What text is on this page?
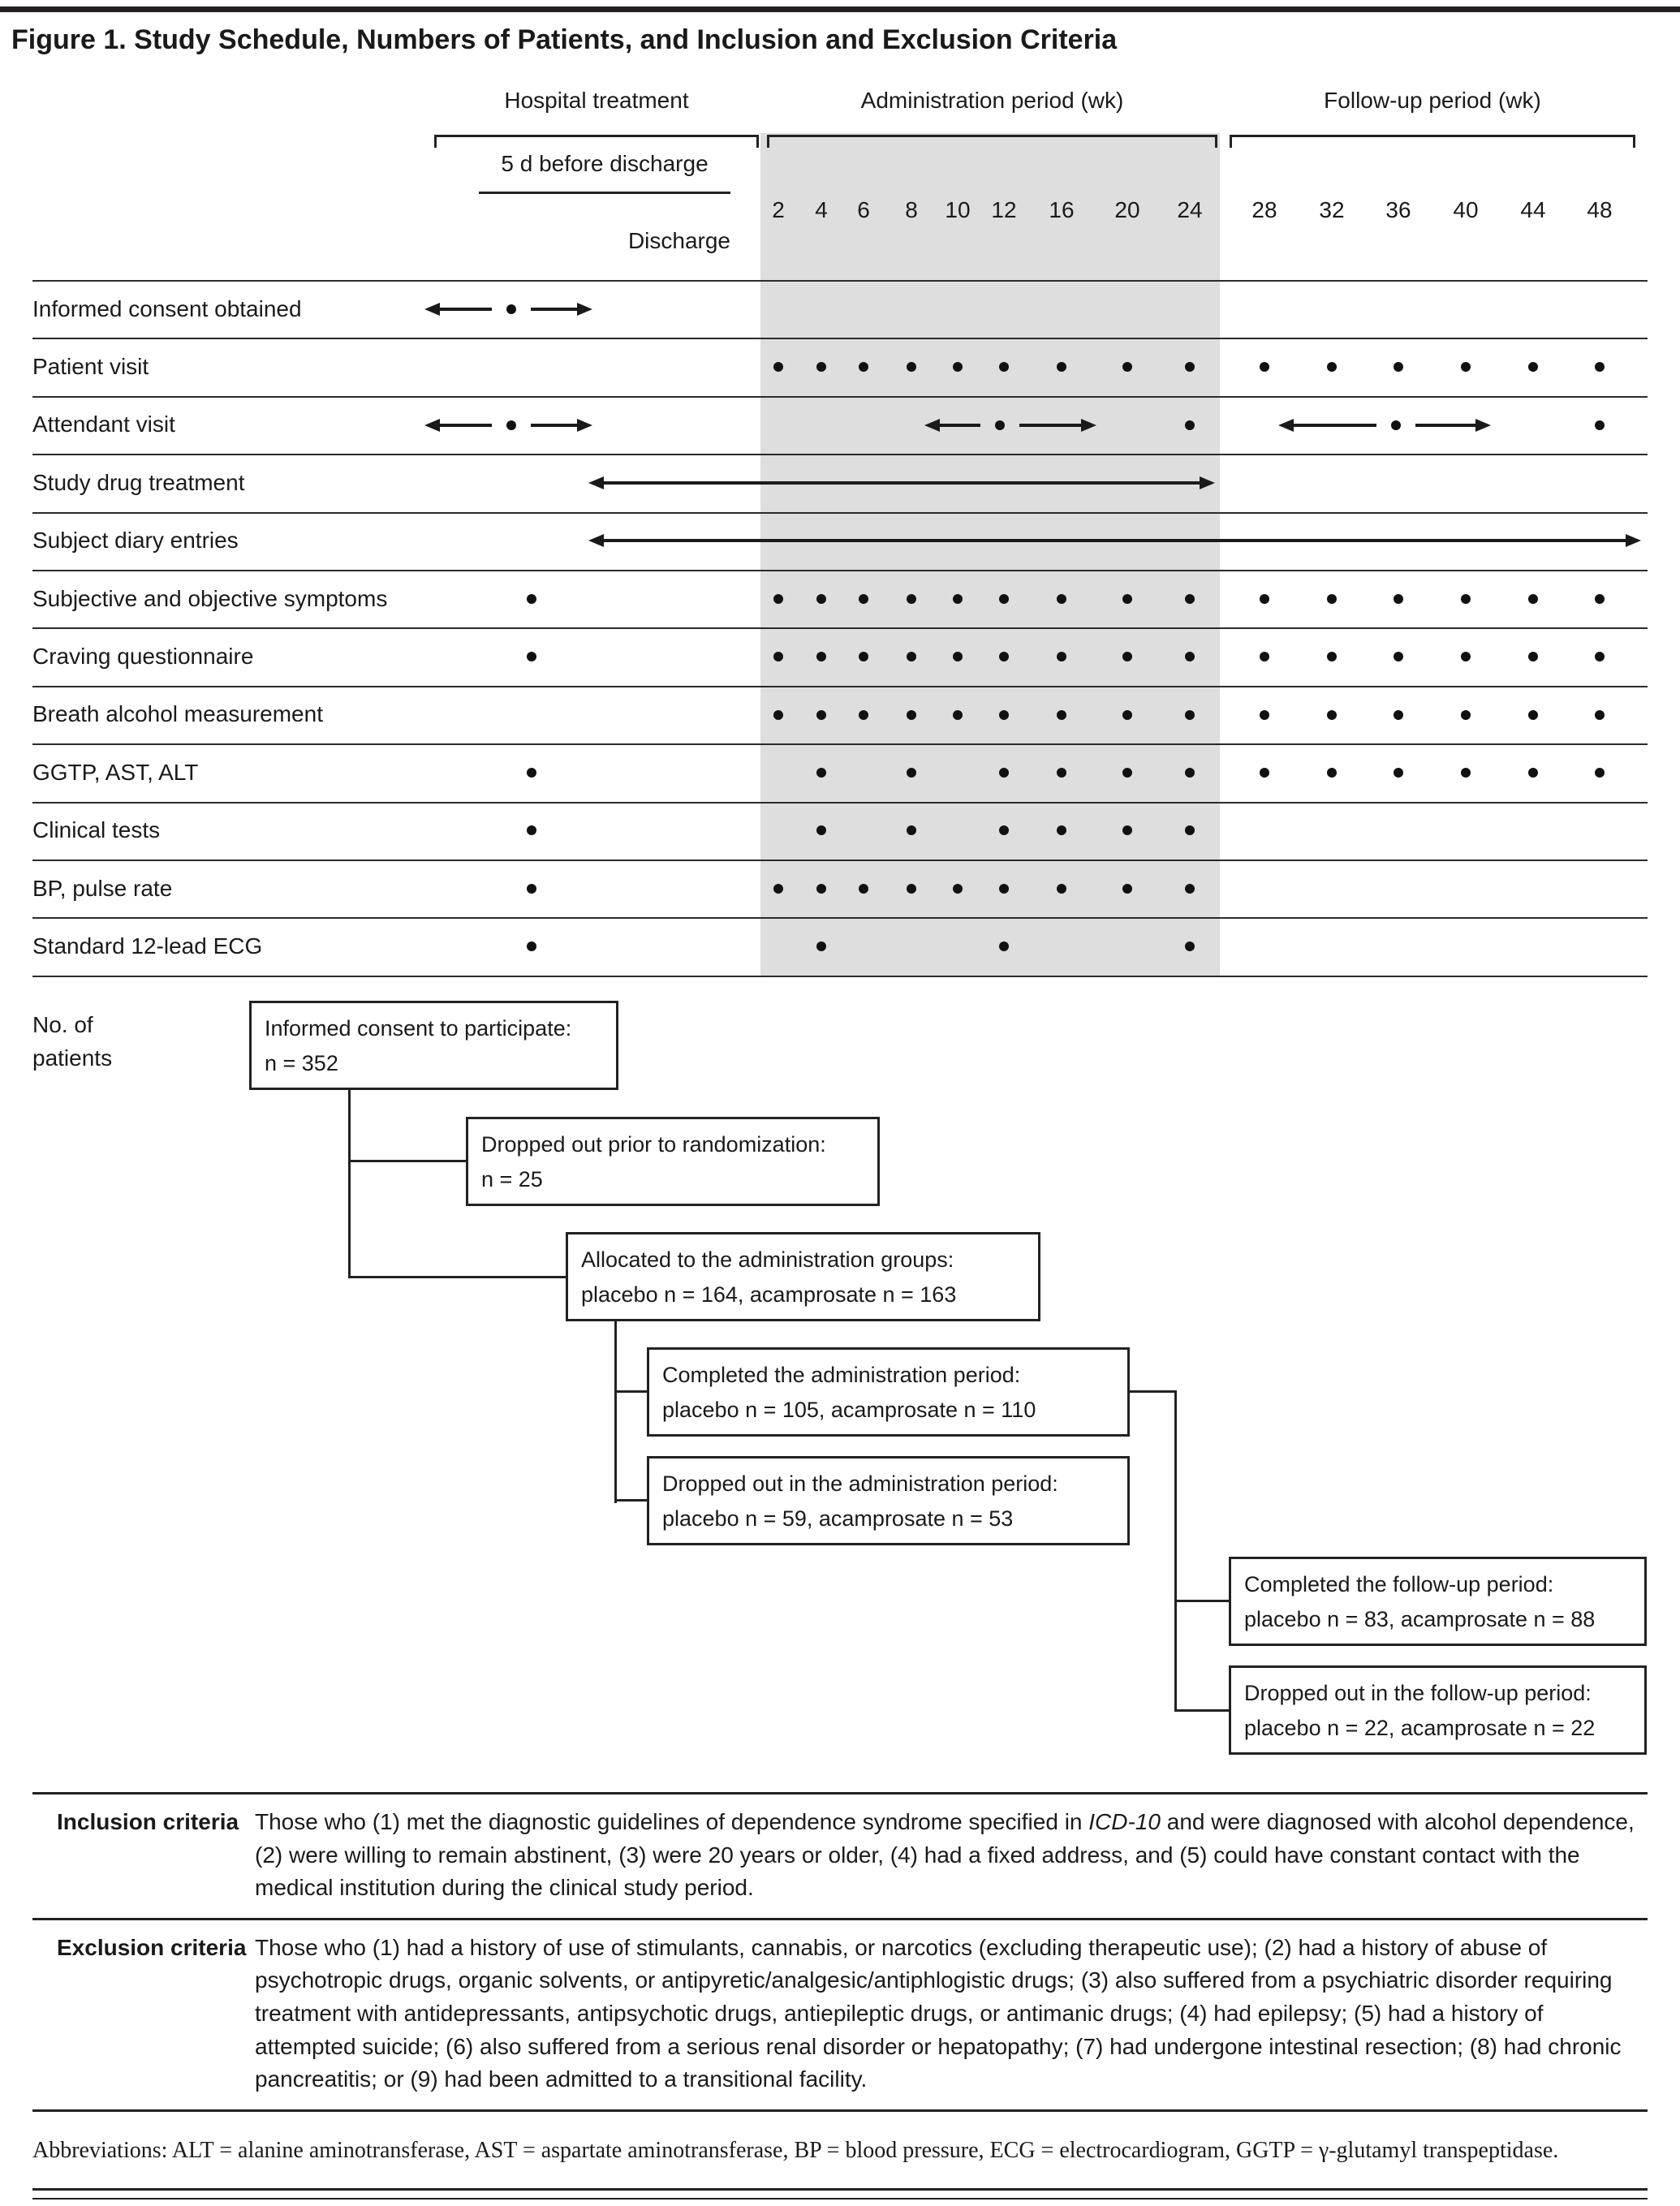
Figure 1. Study Schedule, Numbers of Patients, and Inclusion and Exclusion Criteria
Hospital treatment	Administration period (wk)	Follow-up period (wk)
5 d before discharge
Discharge
2 4 6 8 10 12 16 20 24 28 32 36 40 44 48
Informed consent obtained
Patient visit
Attendant visit
Study drug treatment
Subject diary entries
Subjective and objective symptoms
Craving questionnaire
Breath alcohol measurement
GGTP, AST, ALT
Clinical tests
BP, pulse rate
Standard 12-lead ECG
No. of patients
Informed consent to participate:
n = 352
Dropped out prior to randomization:
n = 25
Allocated to the administration groups:
placebo n = 164, acamprosate n = 163
Completed the administration period:
placebo n = 105, acamprosate n = 110
Dropped out in the administration period:
placebo n = 59, acamprosate n = 53
Completed the follow-up period:
placebo n = 83, acamprosate n = 88
Dropped out in the follow-up period:
placebo n = 22, acamprosate n = 22
Inclusion criteria Those who (1) met the diagnostic guidelines of dependence syndrome specified in ICD-10 and were diagnosed with alcohol dependence, (2) were willing to remain abstinent, (3) were 20 years or older, (4) had a fixed address, and (5) could have constant contact with the medical institution during the clinical study period.
Exclusion criteria Those who (1) had a history of use of stimulants, cannabis, or narcotics (excluding therapeutic use); (2) had a history of abuse of psychotropic drugs, organic solvents, or antipyretic/analgesic/antiphlogistic drugs; (3) also suffered from a psychiatric disorder requiring treatment with antidepressants, antipsychotic drugs, antiepileptic drugs, or antimanic drugs; (4) had epilepsy; (5) had a history of attempted suicide; (6) also suffered from a serious renal disorder or hepatopathy; (7) had undergone intestinal resection; (8) had chronic pancreatitis; or (9) had been admitted to a transitional facility.
Abbreviations: ALT = alanine aminotransferase, AST = aspartate aminotransferase, BP = blood pressure, ECG = electrocardiogram, GGTP = γ-glutamyl transpeptidase.
